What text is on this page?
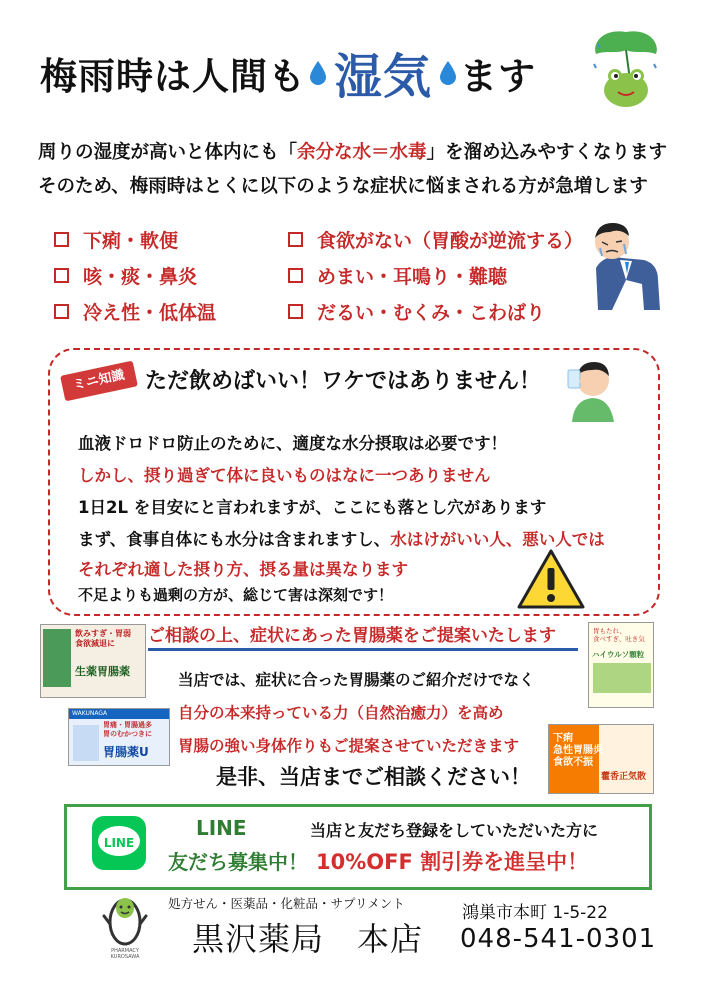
梅雨時は人間も 湿気 ます
周りの湿度が高いと体内にも「余分な水＝水毒」を溜め込みやすくなります
そのため、梅雨時はとくに以下のような症状に悩まされる方が急増します
下痢・軟便
咳・痰・鼻炎
冷え性・低体温
食欲がない（胃酸が逆流する）
めまい・耳鳴り・難聴
だるい・むくみ・こわばり
ミニ知識 ただ飲めばいい！ワケではありません！
血液ドロドロ防止のために、適度な水分摂取は必要です！
しかし、摂り過ぎて体に良いものはなに一つありません
1日2L を目安にと言われますが、ここにも落とし穴があります
まず、食事自体にも水分は含まれますし、水はけがいい人、悪い人では
それぞれ適した摂り方、摂る量は異なります
不足よりも過剰の方が、総じて害は深刻です！
ご相談の上、症状にあった胃腸薬をご提案いたします
当店では、症状に合った胃腸薬のご紹介だけでなく
自分の本来持っている力（自然治癒力）を高め
胃腸の強い身体作りもご提案させていただきます
是非、当店までご相談ください！
飲みすぎ・胃弱
食欲減退に
生薬胃腸薬
WAKUNAGA
胃痛・胃腸過多
胃のむかつきに
胃腸薬U
胃もたれ、
食べすぎ、吐き気
ハイウルソ顆粒
下痢
急性胃腸炎
食欲不振
藿香正気散
LINE
LINE
友だち募集中！
当店と友だち登録をしていただいた方に
10%OFF 割引券を進呈中！
PHARMACY KUROSAWA
処方せん・医薬品・化粧品・サプリメント
黒沢薬局　本店
鴻巣市本町 1-5-22
048-541-0301
